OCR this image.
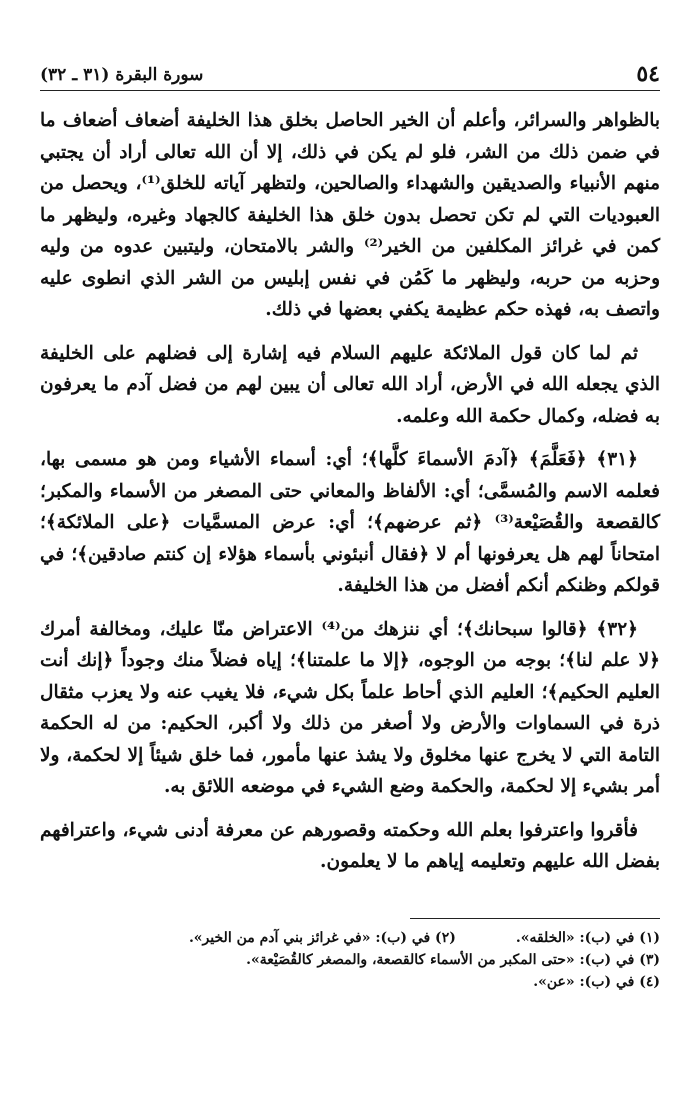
٥٤
سورة البقرة (٣١ ـ ٣٢)

بالظواهر والسرائر، وأعلم أن الخير الحاصل بخلق هذا الخليفة أضعاف أضعاف ما في ضمن ذلك من الشر، فلو لم يكن في ذلك، إلا أن الله تعالى أراد أن يجتبي منهم الأنبياء والصديقين والشهداء والصالحين، ولتظهر آياته للخلق⁽¹⁾، ويحصل من العبوديات التي لم تكن تحصل بدون خلق هذا الخليفة كالجهاد وغيره، وليظهر ما كمن في غرائز المكلفين من الخير⁽²⁾ والشر بالامتحان، وليتبين عدوه من وليه وحزبه من حربه، وليظهر ما كَمُن في نفس إبليس من الشر الذي انطوى عليه واتصف به، فهذه حكم عظيمة يكفي بعضها في ذلك.

ثم لما كان قول الملائكة عليهم السلام فيه إشارة إلى فضلهم على الخليفة الذي يجعله الله في الأرض، أراد الله تعالى أن يبين لهم من فضل آدم ما يعرفون به فضله، وكمال حكمة الله وعلمه.

﴿٣١﴾ ﴿فَعَلَّمَ﴾ ﴿آدمَ الأسماءَ كلَّها﴾؛ أي: أسماء الأشياء ومن هو مسمى بها، فعلمه الاسم والمُسمَّى؛ أي: الألفاظ والمعاني حتى المصغر من الأسماء والمكبر؛ كالقصعة والقُصَيْعة⁽³⁾ ﴿ثم عرضهم﴾؛ أي: عرض المسمَّيات ﴿على الملائكة﴾؛ امتحاناً لهم هل يعرفونها أم لا ﴿فقال أنبئوني بأسماء هؤلاء إن كنتم صادقين﴾؛ في قولكم وظنكم أنكم أفضل من هذا الخليفة.

﴿٣٢﴾ ﴿قالوا سبحانك﴾؛ أي ننزهك من⁽⁴⁾ الاعتراض منّا عليك، ومخالفة أمرك ﴿لا علم لنا﴾؛ بوجه من الوجوه، ﴿إلا ما علمتنا﴾؛ إياه فضلاً منك وجوداً ﴿إنك أنت العليم الحكيم﴾؛ العليم الذي أحاط علماً بكل شيء، فلا يغيب عنه ولا يعزب مثقال ذرة في السماوات والأرض ولا أصغر من ذلك ولا أكبر، الحكيم: من له الحكمة التامة التي لا يخرج عنها مخلوق ولا يشذ عنها مأمور، فما خلق شيئاً إلا لحكمة، ولا أمر بشيء إلا لحكمة، والحكمة وضع الشيء في موضعه اللائق به.

فأقروا واعترفوا بعلم الله وحكمته وقصورهم عن معرفة أدنى شيء، واعترافهم بفضل الله عليهم وتعليمه إياهم ما لا يعلمون.

(١) في (ب): «الخلقه».
(٢) في (ب): «في غرائز بني آدم من الخير».
(٣) في (ب): «حتى المكبر من الأسماء كالقصعة، والمصغر كالقُصَيْعة».
(٤) في (ب): «عن».
